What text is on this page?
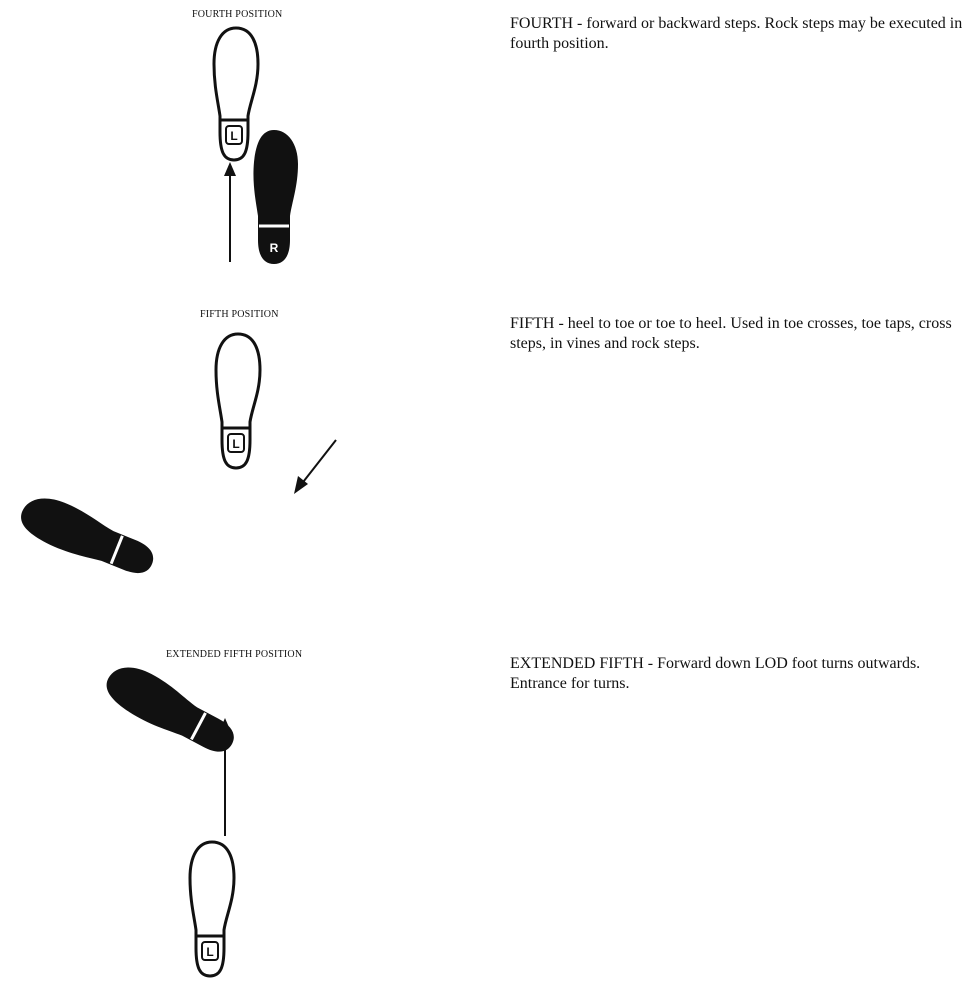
FOURTH POSITION
L
R
FOURTH - forward or backward steps. Rock steps may be executed in fourth position.
FIFTH POSITION
L
R
FIFTH - heel to toe or toe to heel. Used in toe crosses, toe taps, cross steps, in vines and rock steps.
EXTENDED FIFTH POSITION
R
L
EXTENDED FIFTH - Forward down LOD foot turns outwards. Entrance for turns.
